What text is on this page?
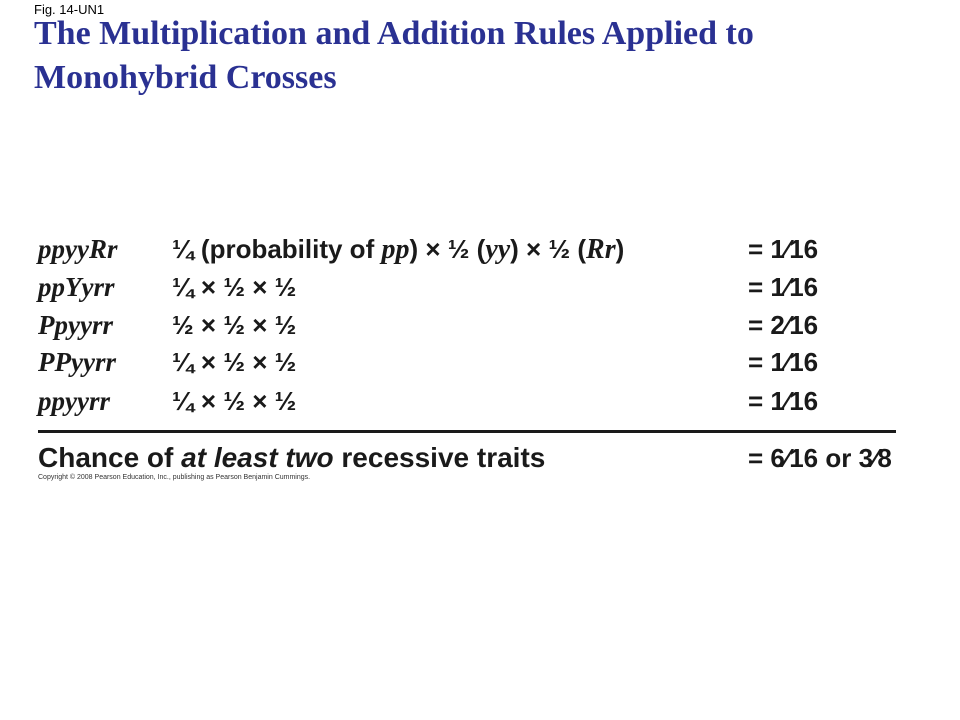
Fig. 14-UN1
The Multiplication and Addition Rules Applied to Monohybrid Crosses
ppyyRr ¼ (probability of pp) × ½ (yy) × ½ (Rr)	= 1⁄16
ppYyrr ¼ × ½ × ½	= 1⁄16
Ppyyrr ½ × ½ × ½	= 2⁄16
PPyyrr ¼ × ½ × ½	= 1⁄16
ppyyrr ¼ × ½ × ½	= 1⁄16
Chance of at least two recessive traits	= 6⁄16 or 3⁄8
Copyright © 2008 Pearson Education, Inc., publishing as Pearson Benjamin Cummings.
